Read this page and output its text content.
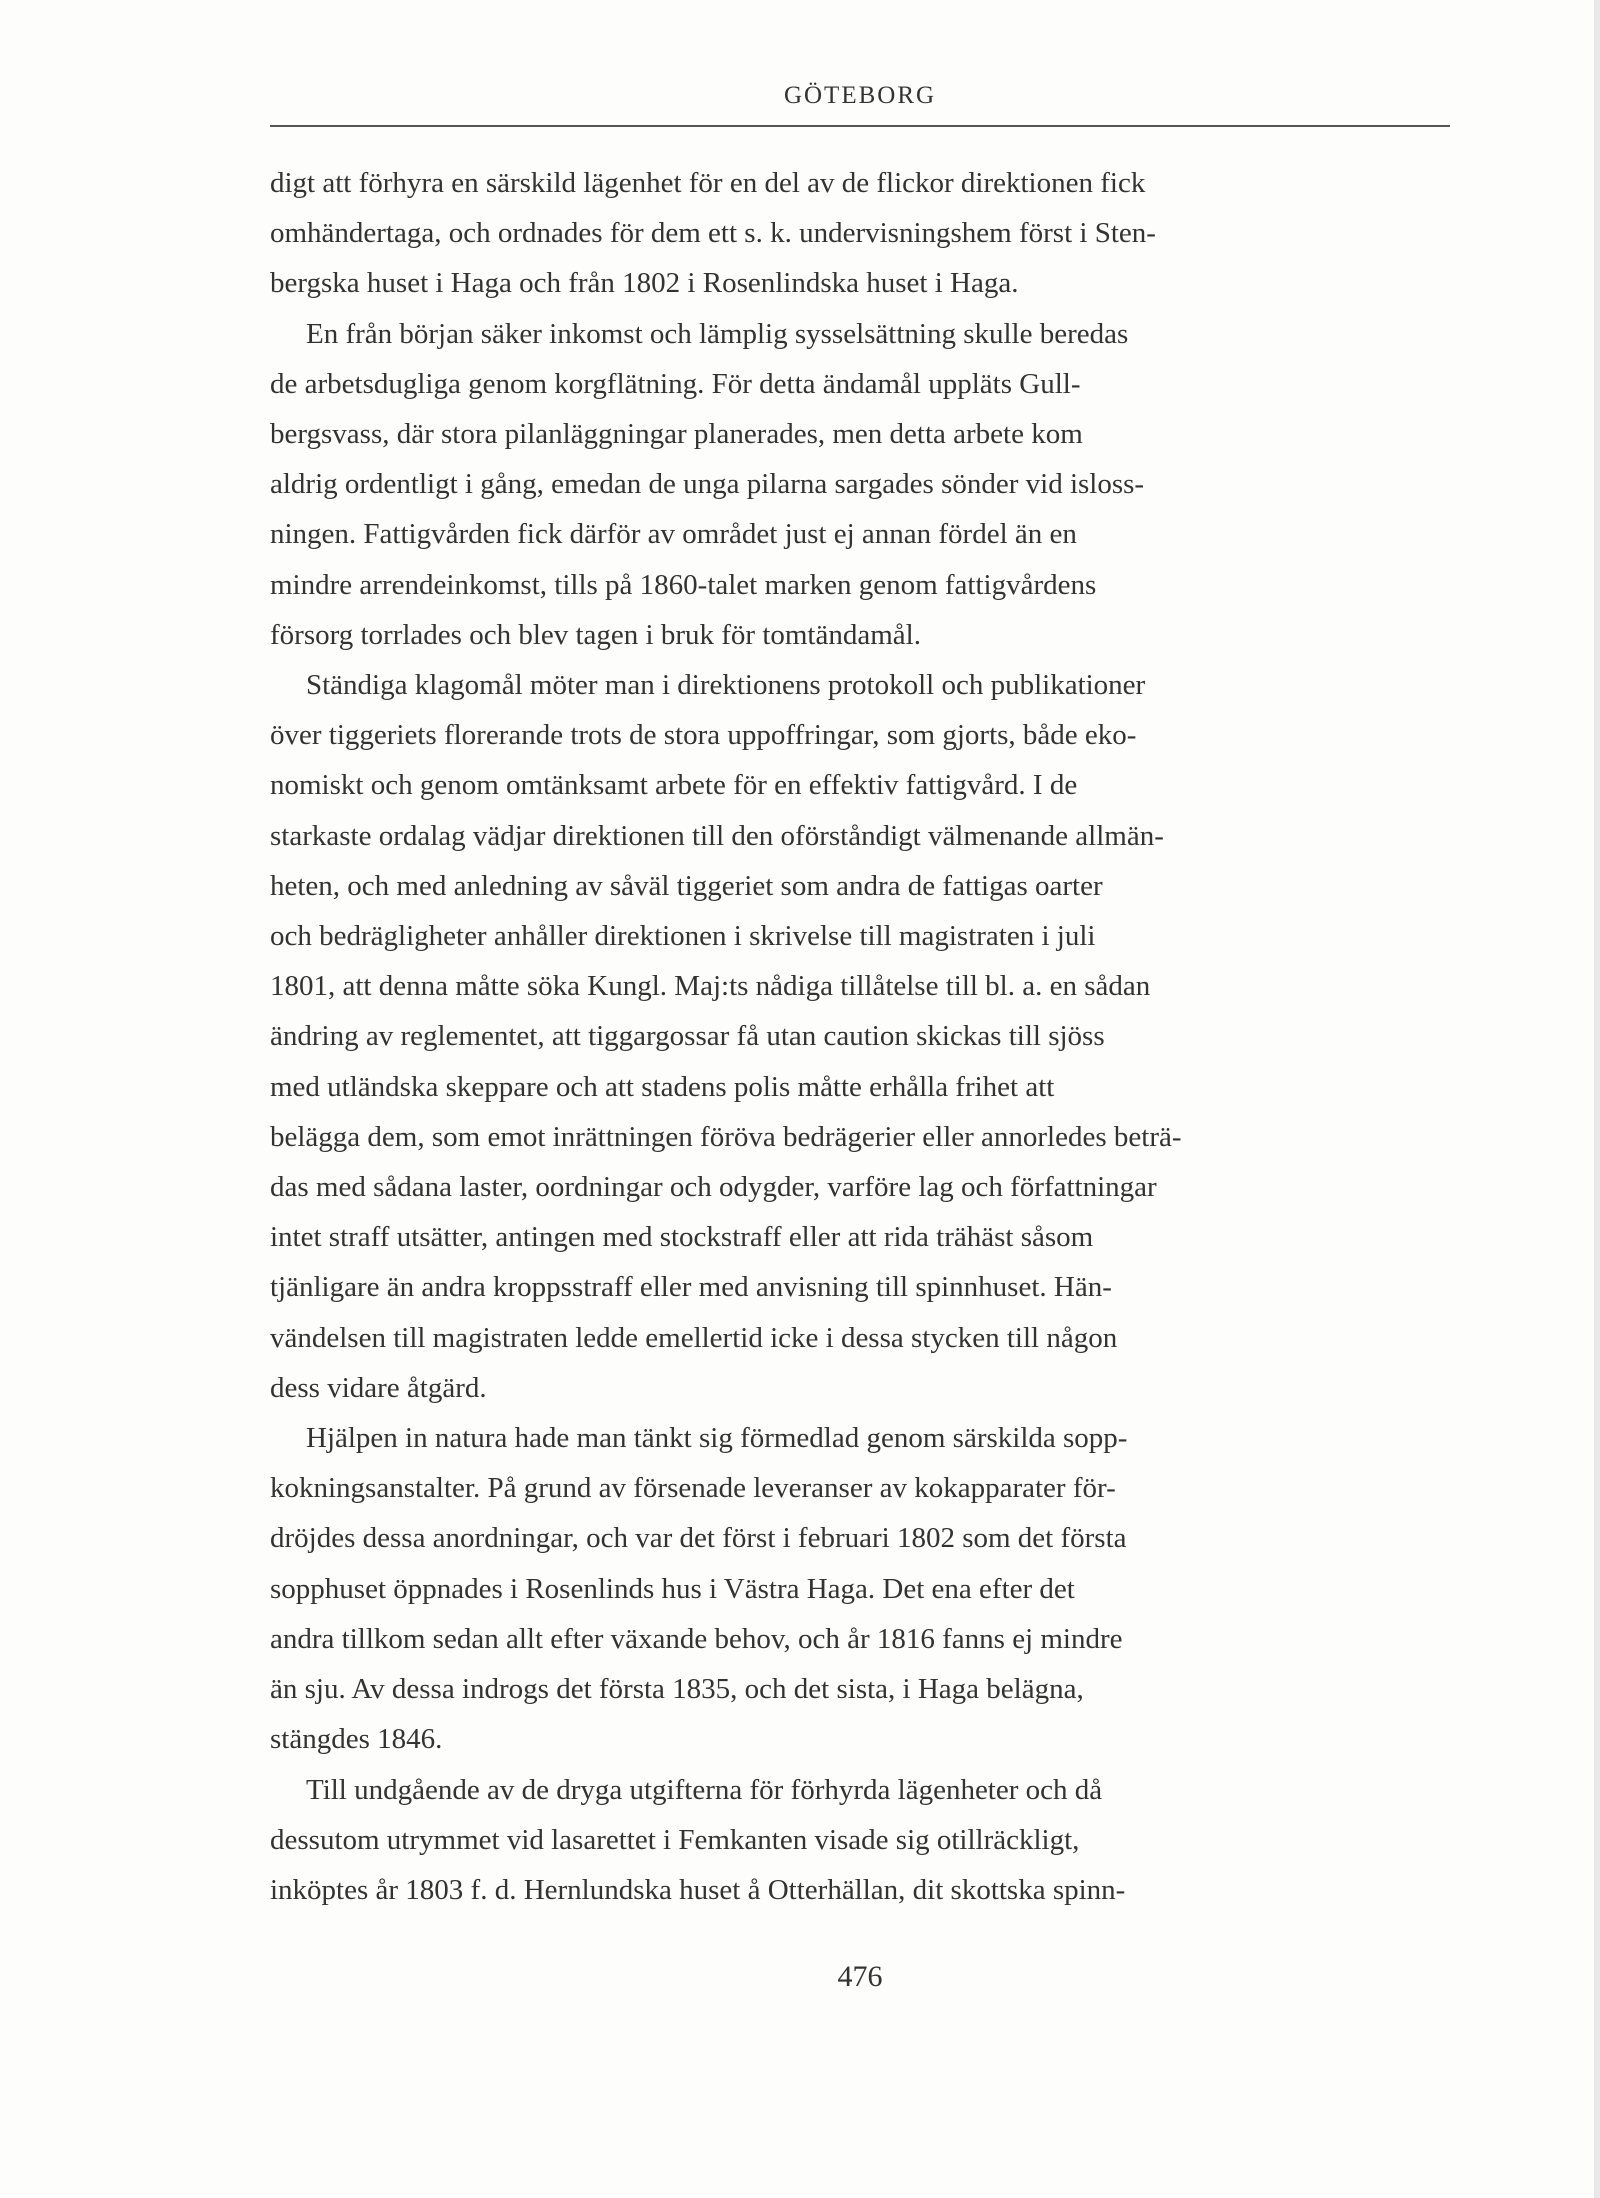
GÖTEBORG
digt att förhyra en särskild lägenhet för en del av de flickor direktionen fick
omhändertaga, och ordnades för dem ett s. k. undervisningshem först i Sten-
bergska huset i Haga och från 1802 i Rosenlindska huset i Haga.
En från början säker inkomst och lämplig sysselsättning skulle beredas
de arbetsdugliga genom korgflätning. För detta ändamål uppläts Gull-
bergsvass, där stora pilanläggningar planerades, men detta arbete kom
aldrig ordentligt i gång, emedan de unga pilarna sargades sönder vid isloss-
ningen. Fattigvården fick därför av området just ej annan fördel än en
mindre arrendeinkomst, tills på 1860-talet marken genom fattigvårdens
försorg torrlades och blev tagen i bruk för tomtändamål.
Ständiga klagomål möter man i direktionens protokoll och publikationer
över tiggeriets florerande trots de stora uppoffringar, som gjorts, både eko-
nomiskt och genom omtänksamt arbete för en effektiv fattigvård. I de
starkaste ordalag vädjar direktionen till den oförståndigt välmenande allmän-
heten, och med anledning av såväl tiggeriet som andra de fattigas oarter
och bedrägligheter anhåller direktionen i skrivelse till magistraten i juli
1801, att denna måtte söka Kungl. Maj:ts nådiga tillåtelse till bl. a. en sådan
ändring av reglementet, att tiggargossar få utan caution skickas till sjöss
med utländska skeppare och att stadens polis måtte erhålla frihet att
belägga dem, som emot inrättningen föröva bedrägerier eller annorledes beträ-
das med sådana laster, oordningar och odygder, varföre lag och författningar
intet straff utsätter, antingen med stockstraff eller att rida trähäst såsom
tjänligare än andra kroppsstraff eller med anvisning till spinnhuset. Hän-
vändelsen till magistraten ledde emellertid icke i dessa stycken till någon
dess vidare åtgärd.
Hjälpen in natura hade man tänkt sig förmedlad genom särskilda sopp-
kokningsanstalter. På grund av försenade leveranser av kokapparater för-
dröjdes dessa anordningar, och var det först i februari 1802 som det första
sopphuset öppnades i Rosenlinds hus i Västra Haga. Det ena efter det
andra tillkom sedan allt efter växande behov, och år 1816 fanns ej mindre
än sju. Av dessa indrogs det första 1835, och det sista, i Haga belägna,
stängdes 1846.
Till undgående av de dryga utgifterna för förhyrda lägenheter och då
dessutom utrymmet vid lasarettet i Femkanten visade sig otillräckligt,
inköptes år 1803 f. d. Hernlundska huset å Otterhällan, dit skottska spinn-
476
